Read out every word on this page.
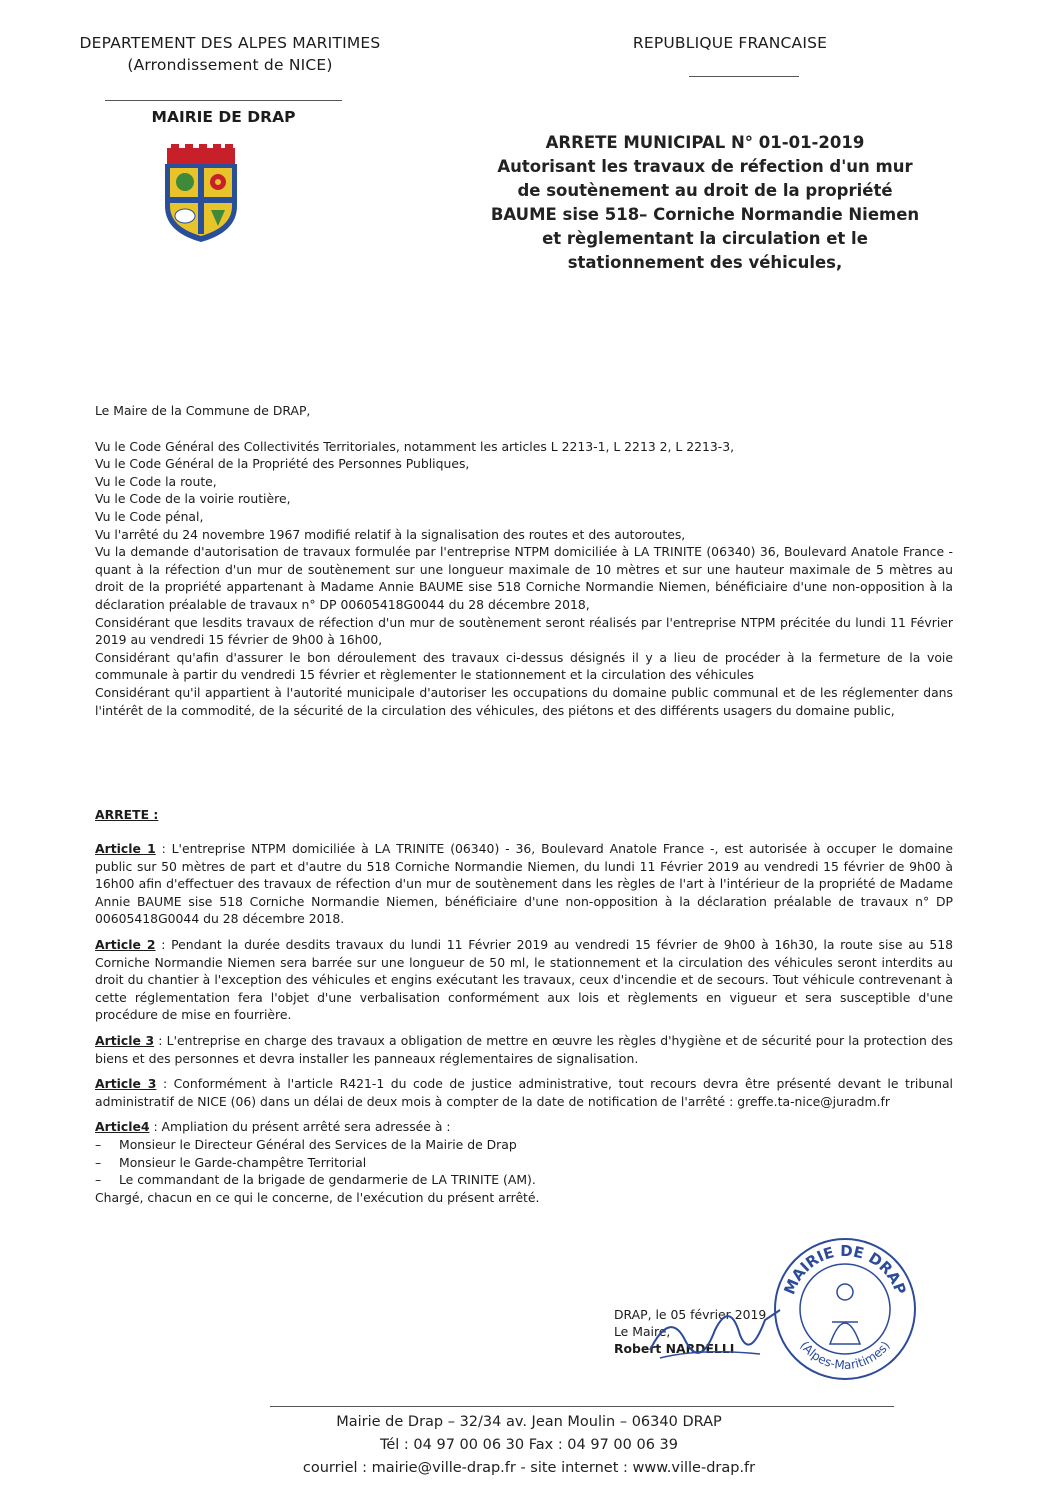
DEPARTEMENT DES ALPES MARITIMES
(Arrondissement de NICE)
REPUBLIQUE FRANCAISE
MAIRIE DE DRAP
ARRETE MUNICIPAL N° 01-01-2019
Autorisant les travaux de réfection d'un mur
de soutènement au droit de la propriété
BAUME sise 518– Corniche Normandie Niemen
et règlementant la circulation et le
stationnement des véhicules,

Le Maire de la Commune de DRAP,

Vu le Code Général des Collectivités Territoriales, notamment les articles L 2213-1, L 2213 2, L 2213-3,

Vu le Code Général de la Propriété des Personnes Publiques,

Vu le Code la route,

Vu le Code de la voirie routière,

Vu le Code pénal,

Vu l'arrêté du 24 novembre 1967 modifié relatif à la signalisation des routes et des autoroutes,

Vu la demande d'autorisation de travaux formulée par l'entreprise NTPM domiciliée à LA TRINITE (06340) 36, Boulevard Anatole France -quant à la réfection d'un mur de soutènement sur une longueur maximale de 10 mètres et sur une hauteur maximale de 5 mètres au droit de la propriété appartenant à Madame Annie BAUME sise 518 Corniche Normandie Niemen, bénéficiaire d'une non-opposition à la déclaration préalable de travaux n° DP 00605418G0044 du 28 décembre 2018,

Considérant que lesdits travaux de réfection d'un mur de soutènement seront réalisés par l'entreprise NTPM précitée du lundi 11 Février 2019 au vendredi 15 février de 9h00 à 16h00,

Considérant qu'afin d'assurer le bon déroulement des travaux ci-dessus désignés il y a lieu de procéder à la fermeture de la voie communale à partir du vendredi 15 février et règlementer le stationnement et la circulation des véhicules

Considérant qu'il appartient à l'autorité municipale d'autoriser les occupations du domaine public communal et de les réglementer dans l'intérêt de la commodité, de la sécurité de la circulation des véhicules, des piétons et des différents usagers du domaine public,

ARRETE :

Article 1 : L'entreprise NTPM domiciliée à LA TRINITE (06340) - 36, Boulevard Anatole France -, est autorisée à occuper le domaine public sur 50 mètres de part et d'autre du 518 Corniche Normandie Niemen, du lundi 11 Février 2019 au vendredi 15 février de 9h00 à 16h00 afin d'effectuer des travaux de réfection d'un mur de soutènement dans les règles de l'art à l'intérieur de la propriété de Madame Annie BAUME sise 518 Corniche Normandie Niemen, bénéficiaire d'une non-opposition à la déclaration préalable de travaux n° DP 00605418G0044 du 28 décembre 2018.

Article 2 : Pendant la durée desdits travaux du lundi 11 Février 2019 au vendredi 15 février de 9h00 à 16h30, la route sise au 518 Corniche Normandie Niemen sera barrée sur une longueur de 50 ml, le stationnement et la circulation des véhicules seront interdits au droit du chantier à l'exception des véhicules et engins exécutant les travaux, ceux d'incendie et de secours. Tout véhicule contrevenant à cette réglementation fera l'objet d'une verbalisation conformément aux lois et règlements en vigueur et sera susceptible d'une procédure de mise en fourrière.

Article 3 : L'entreprise en charge des travaux a obligation de mettre en œuvre les règles d'hygiène et de sécurité pour la protection des biens et des personnes et devra installer les panneaux réglementaires de signalisation.

Article 3 : Conformément à l'article R421-1 du code de justice administrative, tout recours devra être présenté devant le tribunal administratif de NICE (06) dans un délai de deux mois à compter de la date de notification de l'arrêté : greffe.ta-nice@juradm.fr

Article4 : Ampliation du présent arrêté sera adressée à :

– Monsieur le Directeur Général des Services de la Mairie de Drap
– Monsieur le Garde-champêtre Territorial
– Le commandant de la brigade de gendarmerie de LA TRINITE (AM).

Chargé, chacun en ce qui le concerne, de l'exécution du présent arrêté.

DRAP, le 05 février 2019
Le Maire,
Robert NARDELLI
MAIRIE DE DRAP
(Alpes-Maritimes)
Mairie de Drap – 32/34 av. Jean Moulin – 06340 DRAP
Tél : 04 97 00 06 30 Fax : 04 97 00 06 39
courriel : mairie@ville-drap.fr - site internet : www.ville-drap.fr
